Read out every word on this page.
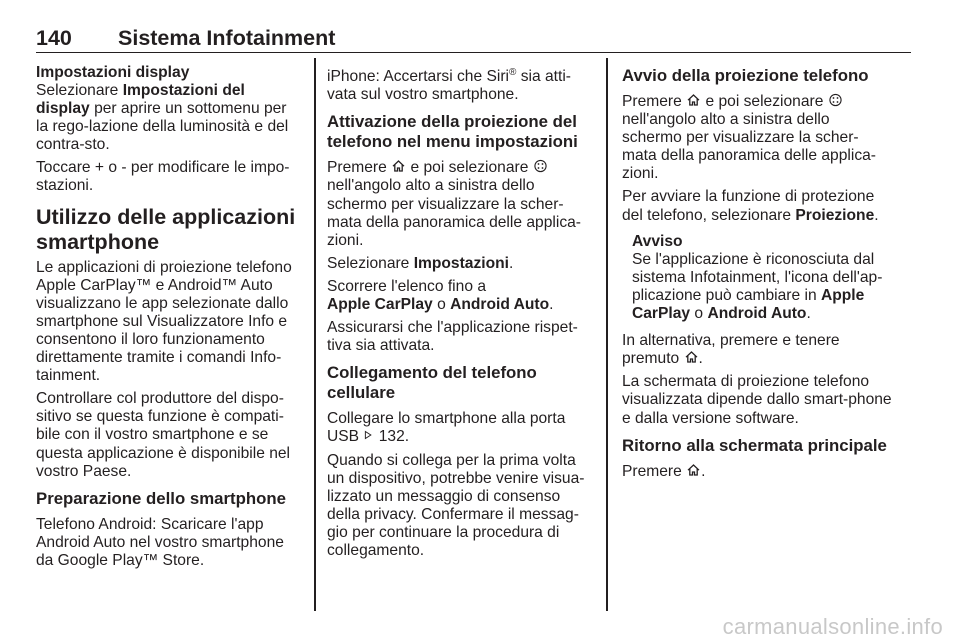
140 Sistema Infotainment
Impostazioni display

Selezionare Impostazioni del display per aprire un sottomenu per la rego-lazione della luminosità e del contra-sto.

Toccare + o - per modificare le impo-stazioni.

Utilizzo delle applicazioni smartphone

Le applicazioni di proiezione telefono Apple CarPlay™ e Android™ Auto visualizzano le app selezionate dallo smartphone sul Visualizzatore Info e consentono il loro funzionamento direttamente tramite i comandi Info-tainment.

Controllare col produttore del dispo-sitivo se questa funzione è compati-bile con il vostro smartphone e se questa applicazione è disponibile nel vostro Paese.

Preparazione dello smartphone

Telefono Android: Scaricare l'app Android Auto nel vostro smartphone da Google Play™ Store.

iPhone: Accertarsi che Siri® sia atti-vata sul vostro smartphone.

Attivazione della proiezione del telefono nel menu impostazioni

Premere  e poi selezionare  nell'angolo alto a sinistra dello schermo per visualizzare la scher-mata della panoramica delle applica-zioni.

Selezionare Impostazioni.

Scorrere l'elenco fino a
Apple CarPlay o Android Auto.

Assicurarsi che l'applicazione rispet-tiva sia attivata.

Collegamento del telefono cellulare

Collegare lo smartphone alla porta USB  132.

Quando si collega per la prima volta un dispositivo, potrebbe venire visua-lizzato un messaggio di consenso della privacy. Confermare il messag-gio per continuare la procedura di collegamento.

Avvio della proiezione telefono

Premere  e poi selezionare  nell'angolo alto a sinistra dello schermo per visualizzare la scher-mata della panoramica delle applica-zioni.

Per avviare la funzione di protezione del telefono, selezionare Proiezione.

Avviso
Se l'applicazione è riconosciuta dal sistema Infotainment, l'icona dell'ap-plicazione può cambiare in Apple CarPlay o Android Auto.

In alternativa, premere e tenere premuto .

La schermata di proiezione telefono visualizzata dipende dallo smart-phone e dalla versione software.

Ritorno alla schermata principale

Premere .

carmanualsonline.info
